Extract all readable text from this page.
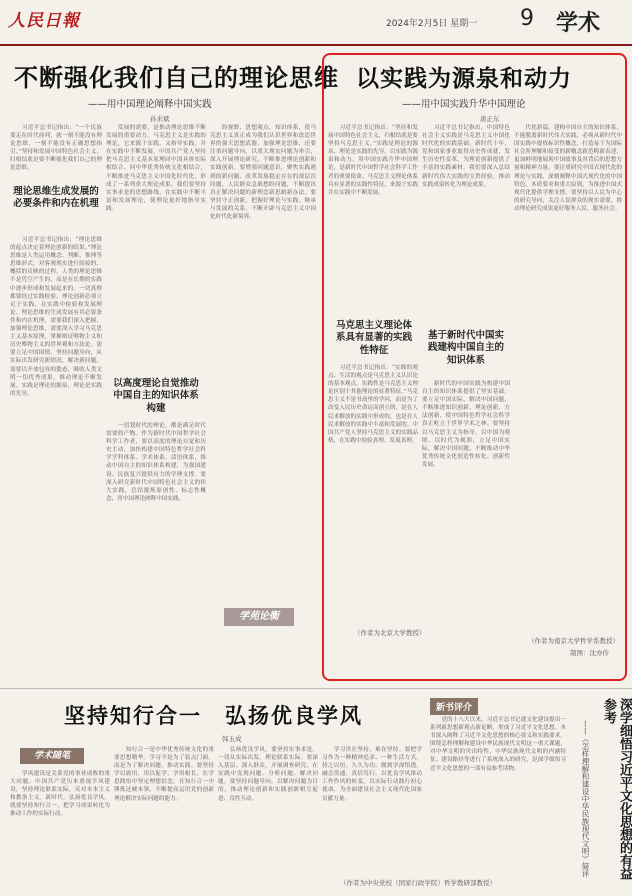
人民日報	2024年2月5日 星期一 9 学术
不断强化我们自己的理论思维
——用中国理论阐释中国实践
孙来斌
　　习近平总书记指出：“一个民族要走在时代前列，就一刻不能没有理论思维，一刻不能没有正确思想指引。”坚持和发展中国特色社会主义，归根结底是要不断强化我们自己的理论思维。
理论思维生成发展的必要条件和内在机理
　　习近平总书记指出：“理论思维的起点决定着理论创新的结果。”理论思维是人类运用概念、判断、推理等思维形式，对客观现实进行间接的、概括的反映的过程。人类的理论思维不是凭空产生的，而是在长期的实践中逐步形成和发展起来的。一切真理都要经过实践检验，理论创新必须立足于实践，在实践中检验和发展理论。理论思维的生成发展有其必要条件和内在机理，需要我们深入把握。加强理论思维，需要深入学习马克思主义基本原理，掌握辩证唯物主义和历史唯物主义的世界观和方法论。需要立足中国国情，坚持问题导向，从实际出发研究新情况、解决新问题。需要以开放包容的姿态，吸收人类文明一切优秀成果，推动理论不断发展。实践是理论的源泉，理论是实践的先导。
　　发展的需要，是推动理论思维不断发展的重要动力。马克思主义是实践的理论，它来源于实践，又指导实践，并在实践中不断发展。中国共产党人坚持把马克思主义基本原理同中国具体实际相结合、同中华优秀传统文化相结合，不断推进马克思主义中国化时代化，形成了一系列重大理论成果。我们要坚持实事求是的思想路线，在实践中不断丰富和发展理论，使理论更好地指导实践。
以高度理论自觉推动中国自主的知识体系构建
　　一切划时代的理论，都是满足时代需要的产物。作为新时代中国哲学社会科学工作者，要以高度的理论自觉和历史主动，加快构建中国特色哲学社会科学学科体系、学术体系、话语体系，推动中国自主的知识体系构建，为强国建设、民族复兴提供有力的学理支撑。要深入研究新时代中国特色社会主义的伟大实践，总结提炼原创性、标志性概念，用中国理论阐释中国实践。
　　的视野、思想观点、知识体系，使马克思主义真正成为我们认识世界和改造世界的强大思想武器。加强理论思维，还要注重问题导向，以重大现实问题为牵引，深入开展理论研究，不断推进理论创新和实践创新。要增强问题意识，聚焦实践遇到的新问题、改革发展稳定存在的深层次问题、人民群众急难愁盼问题，不断提出真正解决问题的新理念新思路新办法。要坚持守正创新，把握好理论与实践、继承与发展的关系，不断开辟马克思主义中国化时代化新境界。
学苑论衡
以实践为源泉和动力
——用中国实践升华中国理论
唐正东
　　习近平总书记指出：“坚持和发展中国特色社会主义，归根结底是要坚持马克思主义。”实践是理论的源泉，理论是实践的先导。以实践为源泉和动力，用中国实践升华中国理论，是新时代中国哲学社会科学工作者的重要使命。马克思主义理论体系具有显著的实践性特征，来源于实践并在实践中不断发展。
马克思主义理论体系具有显著的实践性特征
　　习近平总书记指出：“实践的观点、生活的观点是马克思主义认识论的基本观点，实践性是马克思主义理论区别于其他理论的显著特征。”马克思主义不是书斋里的学问，而是为了改变人民历史命运而创立的，是在人民求解放的实践中形成的，也是在人民求解放的实践中丰富和发展的。中国共产党人坚持马克思主义的实践品格，在实践中检验真理、发展真理。
（作者为北京大学教授）
　　习近平总书记指出，中国特色社会主义实践是马克思主义中国化时代化的实践基础。新时代十年，党和国家事业取得历史性成就、发生历史性变革，为理论创新提供了丰富的实践素材。我们要深入总结新时代伟大实践的宝贵经验，推动实践成果转化为理论成果。
基于新时代中国实践建构中国自主的知识体系
　　新时代的中国实践为构建中国自主的知识体系提供了坚实基础。要立足中国实际，解决中国问题，不断推进知识创新、理论创新、方法创新，使中国特色哲学社会科学真正屹立于世界学术之林。要坚持以马克思主义为指导，以中国为观照、以时代为观照，立足中国实际，解决中国问题，不断推动中华优秀传统文化创造性转化、创新性发展。
　　代化新篇。建构中国自主的知识体系，不能脱离新时代伟大实践，必须从新时代中国实践中提炼标识性概念，打造易于为国际社会所理解和接受的新概念新范畴新表述，更加鲜明地展现中国故事及其背后的思想力量和精神力量。要注重研究中国式现代化的理论与实践，深刻阐释中国式现代化的中国特色、本质要求和重大原则，为推进中国式现代化提供学理支撑。要坚持以人民为中心的研究导向，关注人民群众的现实需要，推动理论研究成果更好服务人民、服务社会。
（作者为南京大学哲学系教授）
制图：沈亦伶
坚持知行合一　弘扬优良学风
韩玉成
学术随笔
　　学风建设是关系党的事业成败的重大问题。中国共产党历来重视学风建设，坚持理论联系实际，反对本本主义和教条主义。新时代，弘扬优良学风，就要坚持知行合一，把学习成果转化为推动工作的实际行动。
　　知行合一是中华优秀传统文化的重要思想精华。学习不是为了装点门面，而是为了解决问题、推动实践。要坚持学以致用、用以促学、学用相长，在学思践悟中坚定理想信念，在知行合一中锤炼过硬本领，不断提高运用党的创新理论解决实际问题的能力。
　　弘扬优良学风，要坚持实事求是，一切从实际出发，理论联系实际。要深入基层、深入群众，开展调查研究，在实践中发现问题、分析问题、解决问题。要坚持问题导向，以解决问题为目的，推动理论创新和实践创新相互促进、良性互动。
　　学习贵在坚持，难在坚持。要把学习作为一种精神追求、一种生活方式，持之以恒、久久为功，做到学深悟透、融会贯通、真信笃行，以优良学风推动工作作风的转变，以实际行动践行初心使命，为全面建设社会主义现代化国家贡献力量。
（作者为中央党校（国家行政学院）哲学教研部教授）
新书评介
　　党的十八大以来，习近平总书记就文化建设提出一系列新思想新观点新论断，形成了习近平文化思想。本书深入阐释了习近平文化思想的核心要义和实践要求，围绕怎样理解和建设中华民族现代文明这一重大课题，对中华文明的突出特性、中华民族现代文明的内涵特征、建设路径等进行了系统深入的研究，是深学细悟习近平文化思想的一部有益参考读物。	深学细悟习近平文化思想的有益参考
——《怎样理解和建设中华民族现代文明》简评
